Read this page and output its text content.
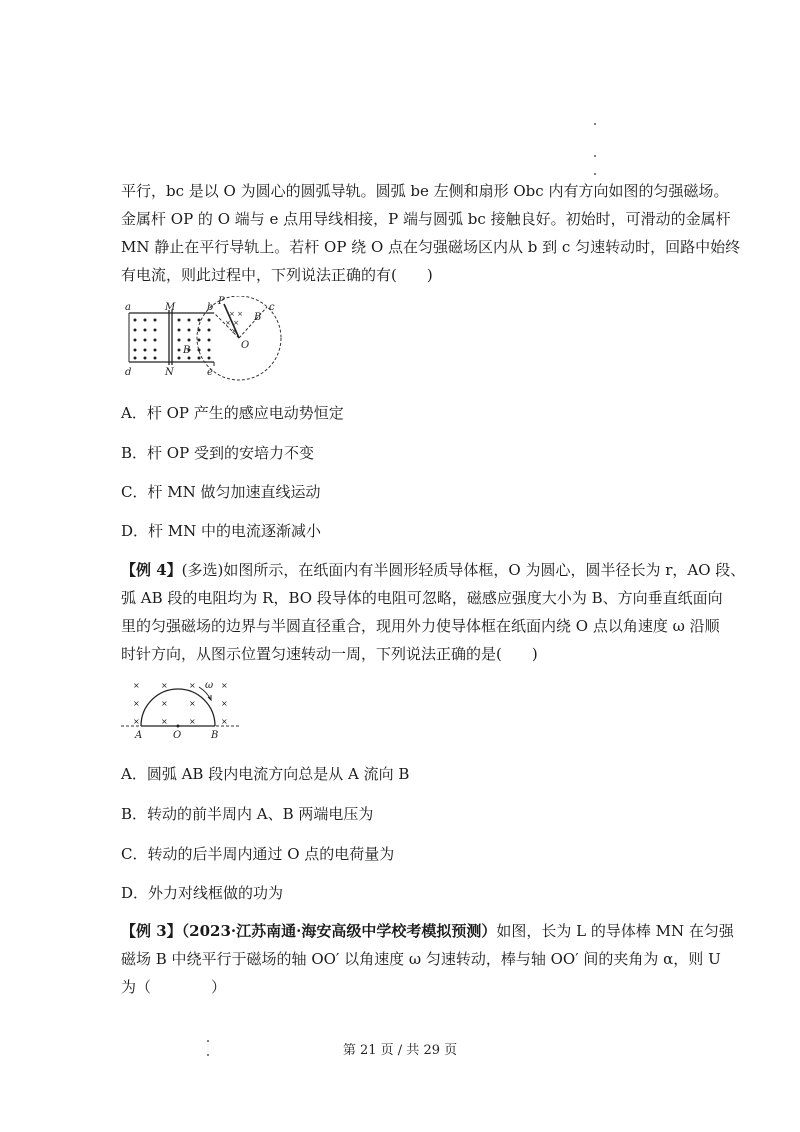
平行，bc 是以 O 为圆心的圆弧导轨。圆弧 be 左侧和扇形 Obc 内有方向如图的匀强磁场。
金属杆 OP 的 O 端与 e 点用导线相接，P 端与圆弧 bc 接触良好。初始时，可滑动的金属杆
MN 静止在平行导轨上。若杆 OP 绕 O 点在匀强磁场区内从 b 到 c 匀速转动时，回路中始终
有电流，则此过程中，下列说法正确的有(　　)
× ×
× ×
×
a	M	b
P
c
B
B	O
d	N	e
A．杆 OP 产生的感应电动势恒定
B．杆 OP 受到的安培力不变
C．杆 MN 做匀加速直线运动
D．杆 MN 中的电流逐渐减小
【例 4】(多选)如图所示，在纸面内有半圆形轻质导体框，O 为圆心，圆半径长为 r，AO 段、
弧 AB 段的电阻均为 R，BO 段导体的电阻可忽略，磁感应强度大小为 B、方向垂直纸面向
里的匀强磁场的边界与半圆直径重合，现用外力使导体框在纸面内绕 O 点以角速度 ω 沿顺
时针方向，从图示位置匀速转动一周，下列说法正确的是(　　)
×	×	×	×
×	×	×	×
×	×	×	×
ω
A	O	B
A．圆弧 AB 段内电流方向总是从 A 流向 B
B．转动的前半周内 A、B 两端电压为
C．转动的后半周内通过 O 点的电荷量为
D．外力对线框做的功为
【例 3】（2023·江苏南通·海安高级中学校考模拟预测）如图，长为 L 的导体棒 MN 在匀强
磁场 B 中绕平行于磁场的轴 OO′ 以角速度 ω 匀速转动，棒与轴 OO′ 间的夹角为 α，则 U
为（　　　　）
第 21 页 / 共 29 页
